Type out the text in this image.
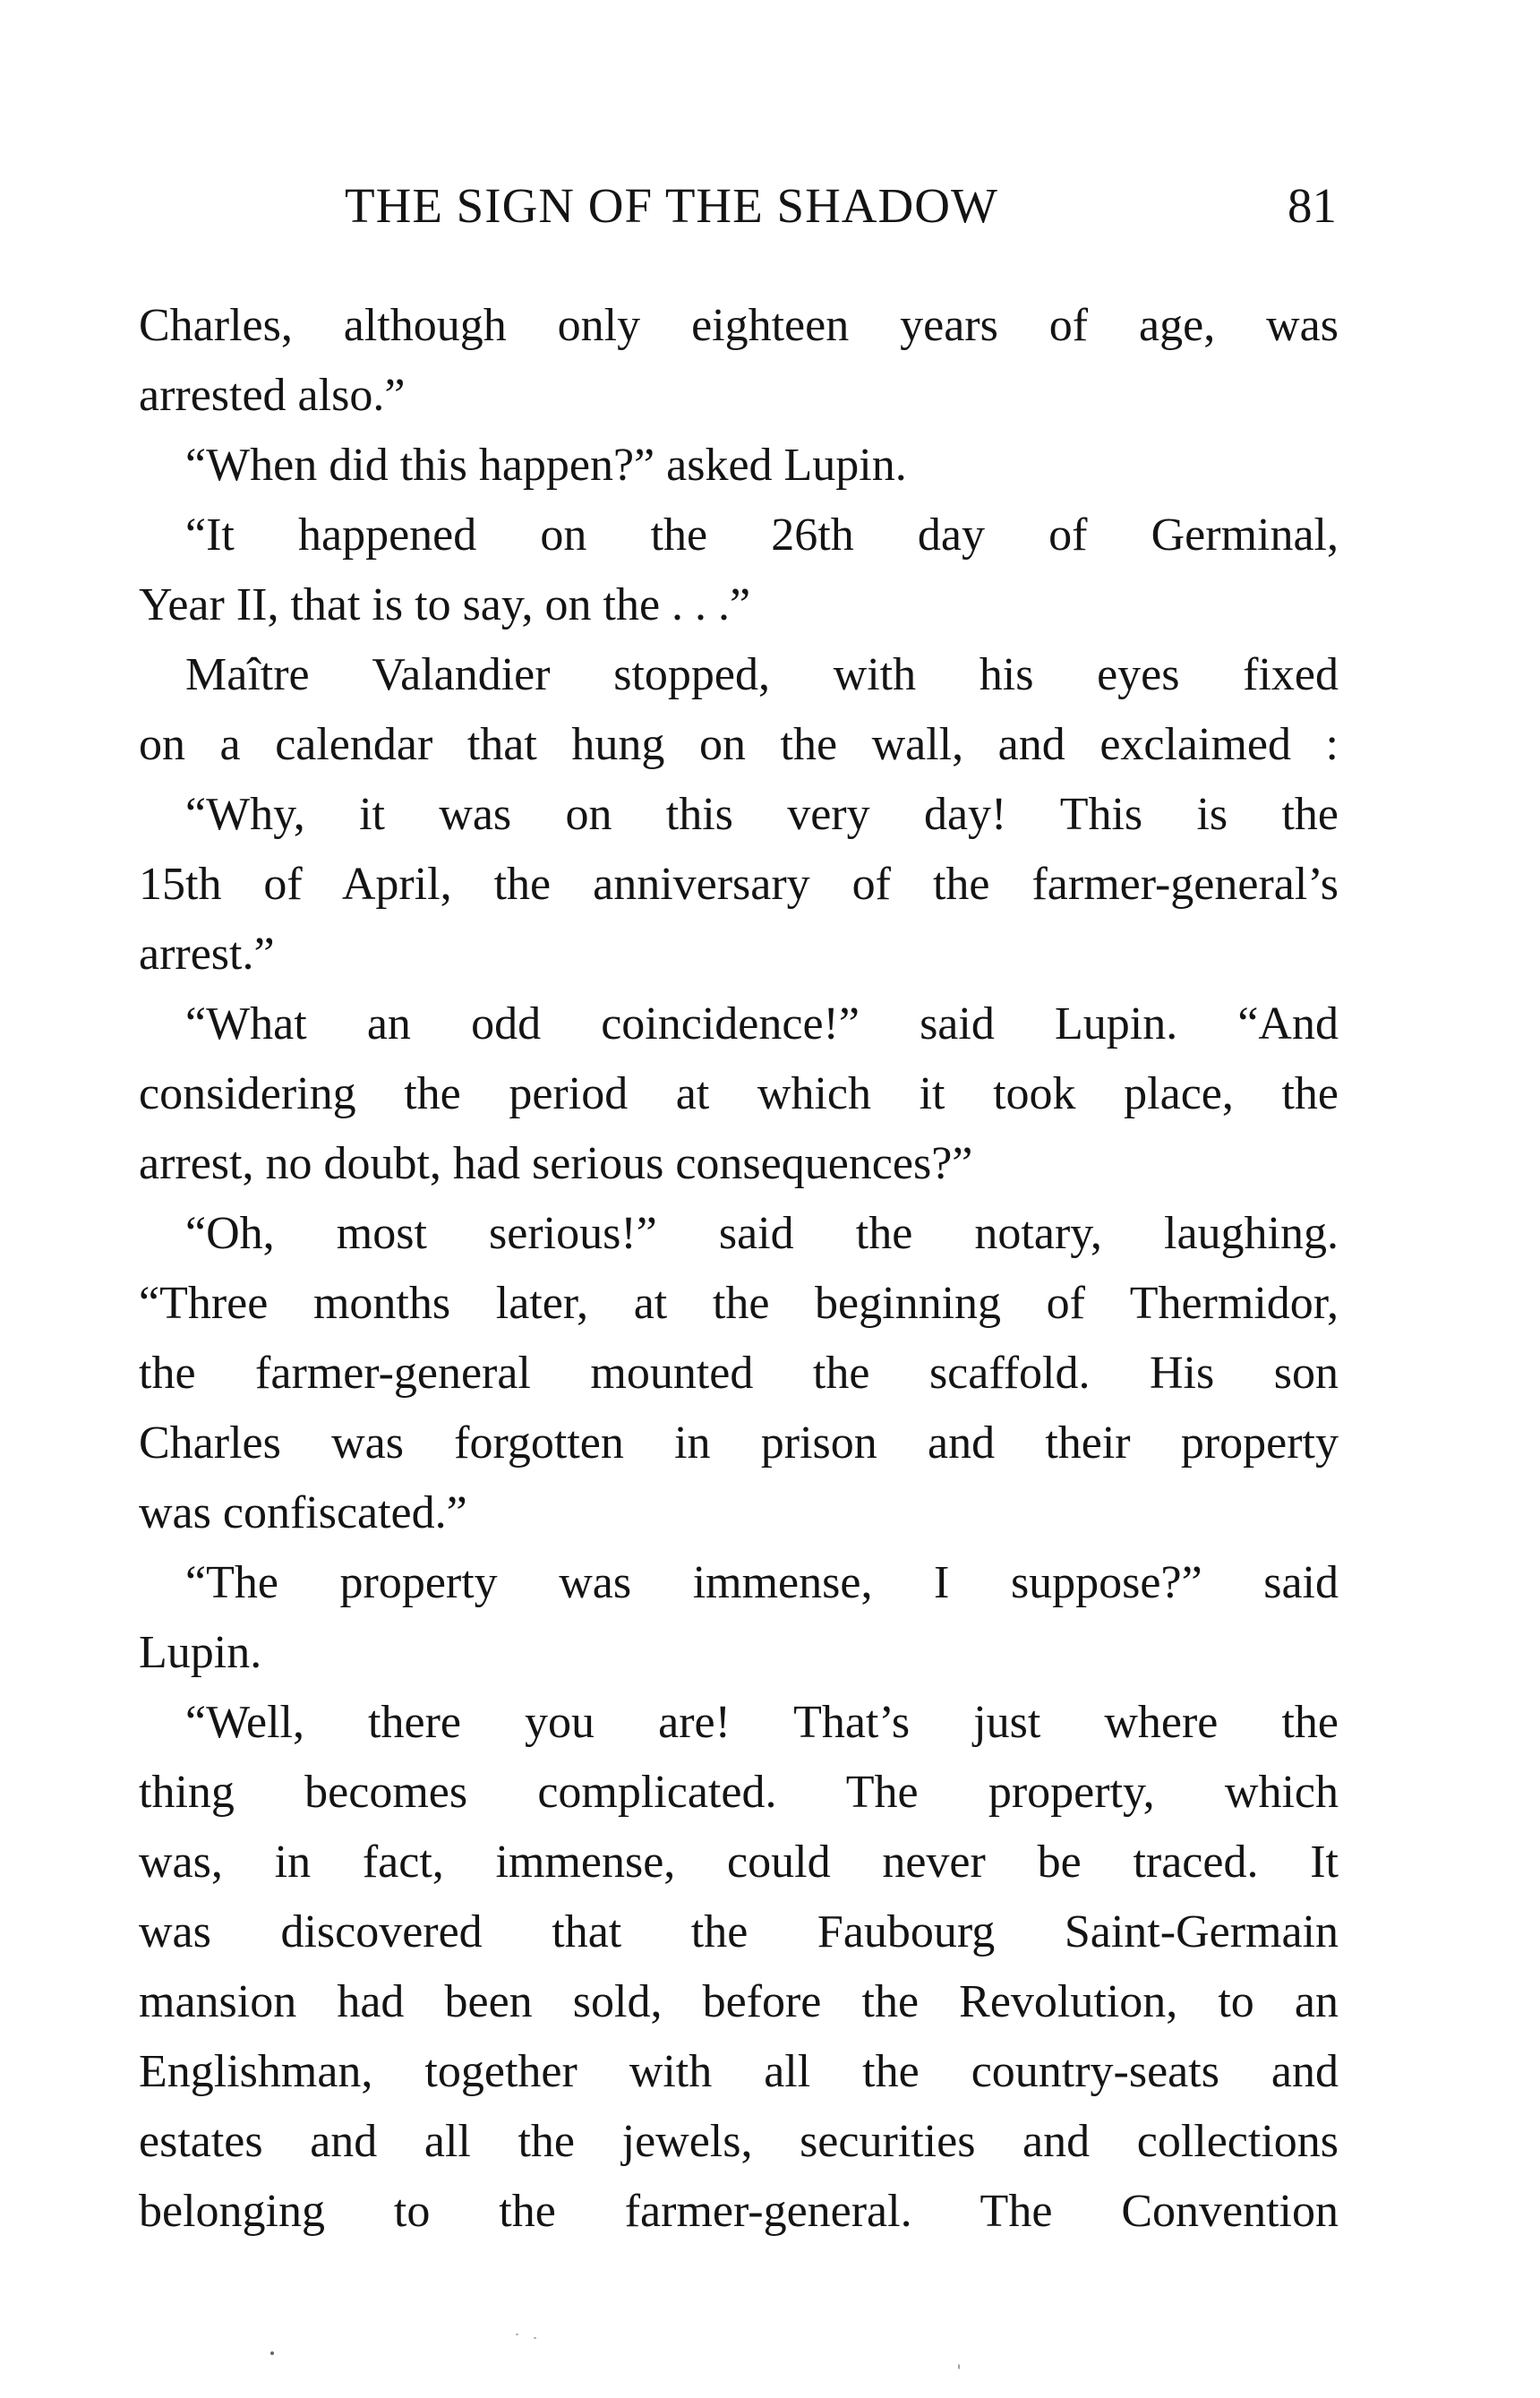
THE SIGN OF THE SHADOW	81
Charles, although only eighteen years of age, was
arrested also.”
“When did this happen?” asked Lupin.
“It happened on the 26th day of Germinal,
Year II, that is to say, on the . . .”
Maître Valandier stopped, with his eyes fixed
on a calendar that hung on the wall, and exclaimed :
“Why, it was on this very day! This is the
15th of April, the anniversary of the farmer-general’s
arrest.”
“What an odd coincidence!” said Lupin. “And
considering the period at which it took place, the
arrest, no doubt, had serious consequences?”
“Oh, most serious!” said the notary, laughing.
“Three months later, at the beginning of Thermidor,
the farmer-general mounted the scaffold. His son
Charles was forgotten in prison and their property
was confiscated.”
“The property was immense, I suppose?” said
Lupin.
“Well, there you are! That’s just where the
thing becomes complicated. The property, which
was, in fact, immense, could never be traced. It
was discovered that the Faubourg Saint-Germain
mansion had been sold, before the Revolution, to an
Englishman, together with all the country-seats and
estates and all the jewels, securities and collections
belonging to the farmer-general. The Convention
